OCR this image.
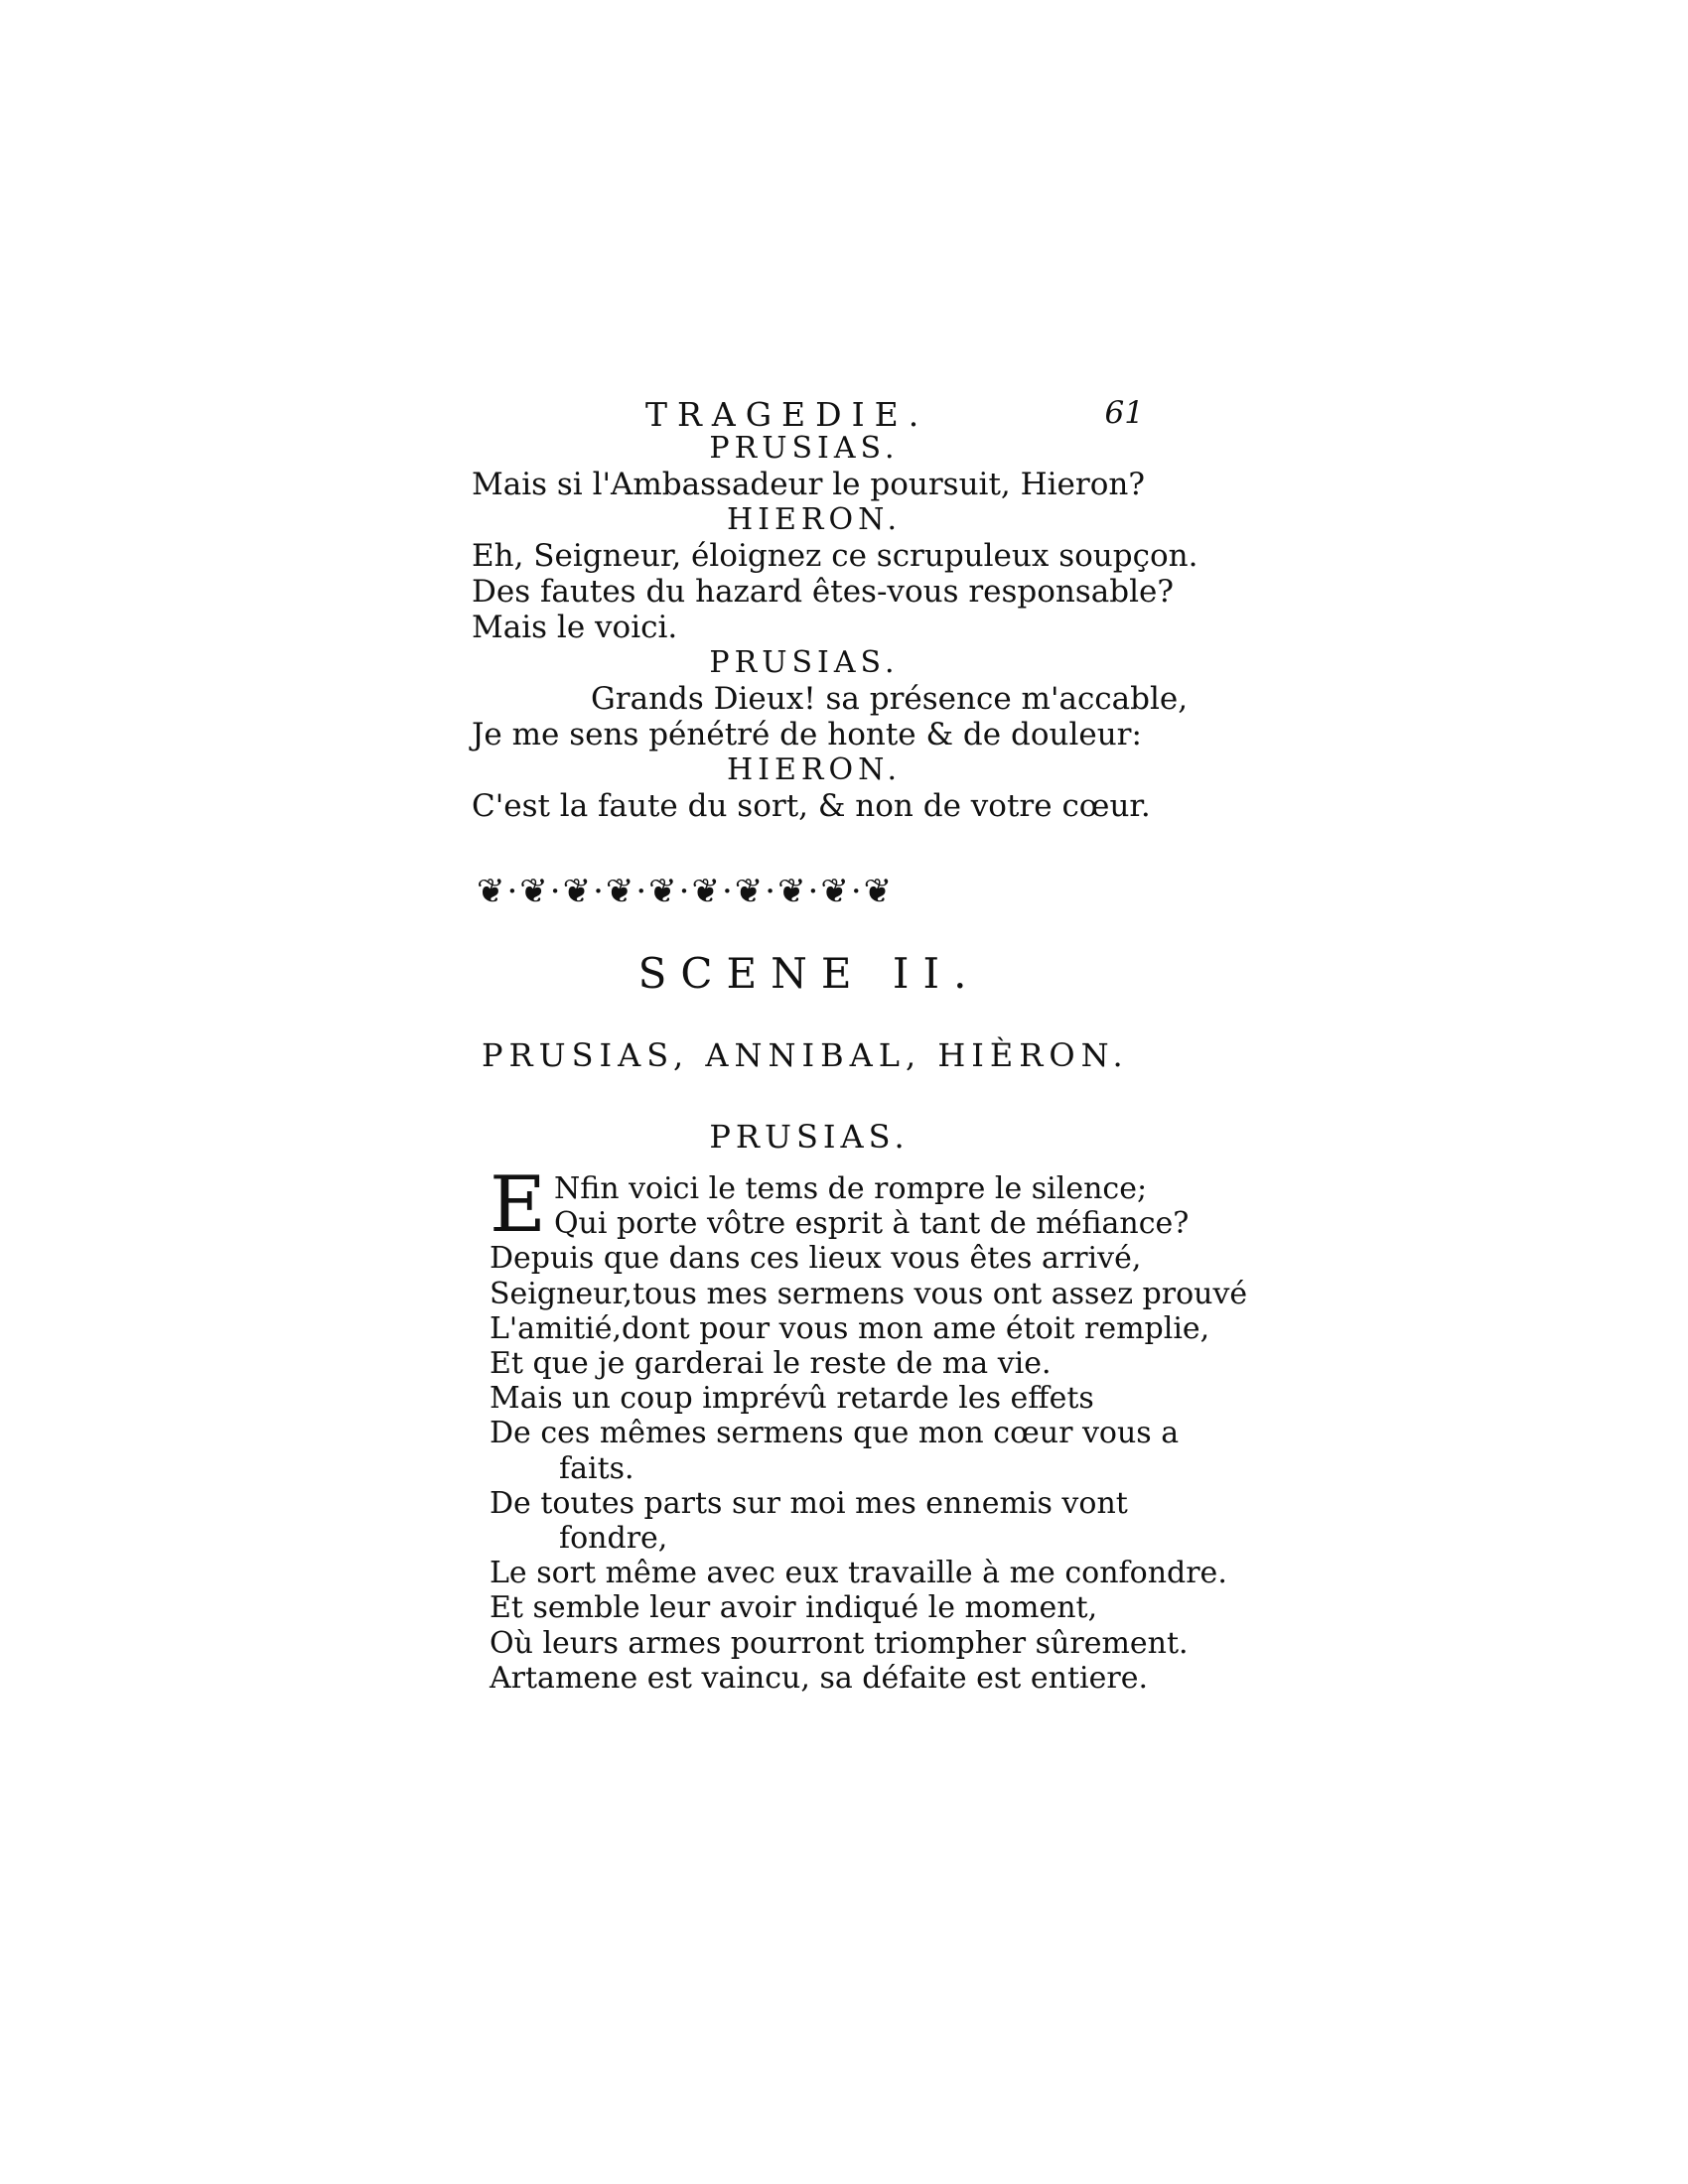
TRAGEDIE.	61
PRUSIAS.
Mais si l'Ambassadeur le poursuit, Hieron?
HIERON.
Eh, Seigneur, éloignez ce scrupuleux soupçon.
Des fautes du hazard êtes-vous responsable?
Mais le voici.
PRUSIAS.
Grands Dieux! sa présence m'accable,
Je me sens pénétré de honte & de douleur:
HIERON.
C'est la faute du sort, & non de votre cœur.
❦·❦·❦·❦·❦·❦·❦·❦·❦·❦
SCENE II.
PRUSIAS, ANNIBAL, HIÈRON.
PRUSIAS.
E Nfin voici le tems de rompre le silence;
Qui porte vôtre esprit à tant de méfiance?
Depuis que dans ces lieux vous êtes arrivé,
Seigneur,tous mes sermens vous ont assez prouvé
L'amitié,dont pour vous mon ame étoit remplie,
Et que je garderai le reste de ma vie.
Mais un coup imprévû retarde les effets
De ces mêmes sermens que mon cœur vous a
faits.
De toutes parts sur moi mes ennemis vont
fondre,
Le sort même avec eux travaille à me confondre.
Et semble leur avoir indiqué le moment,
Où leurs armes pourront triompher sûrement.
Artamene est vaincu, sa défaite est entiere.
